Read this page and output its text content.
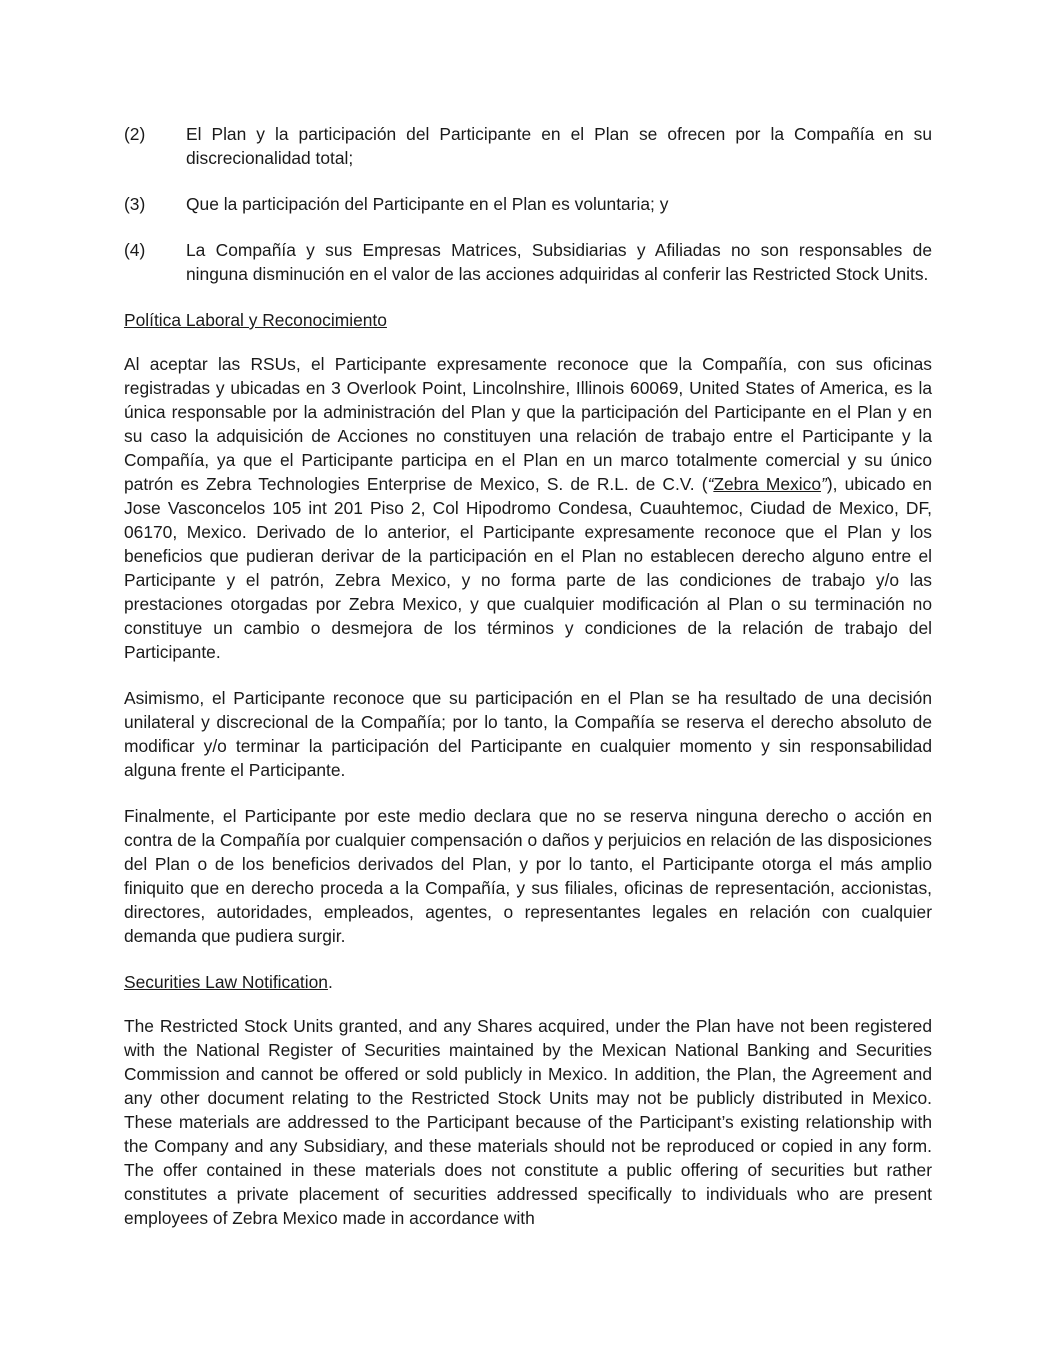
(2)	El Plan y la participación del Participante en el Plan se ofrecen por la Compañía en su discrecionalidad total;
(3)	Que la participación del Participante en el Plan es voluntaria; y
(4)	La Compañía y sus Empresas Matrices, Subsidiarias y Afiliadas no son responsables de ninguna disminución en el valor de las acciones adquiridas al conferir las Restricted Stock Units.
Política Laboral y Reconocimiento

Al aceptar las RSUs, el Participante expresamente reconoce que la Compañía, con sus oficinas registradas y ubicadas en 3 Overlook Point, Lincolnshire, Illinois 60069, United States of America, es la única responsable por la administración del Plan y que la participación del Participante en el Plan y en su caso la adquisición de Acciones no constituyen una relación de trabajo entre el Participante y la Compañía, ya que el Participante participa en el Plan en un marco totalmente comercial y su único patrón es Zebra Technologies Enterprise de Mexico, S. de R.L. de C.V. (“Zebra Mexico”), ubicado en Jose Vasconcelos 105 int 201 Piso 2, Col Hipodromo Condesa, Cuauhtemoc, Ciudad de Mexico, DF, 06170, Mexico. Derivado de lo anterior, el Participante expresamente reconoce que el Plan y los beneficios que pudieran derivar de la participación en el Plan no establecen derecho alguno entre el Participante y el patrón, Zebra Mexico, y no forma parte de las condiciones de trabajo y/o las prestaciones otorgadas por Zebra Mexico, y que cualquier modificación al Plan o su terminación no constituye un cambio o desmejora de los términos y condiciones de la relación de trabajo del Participante.

Asimismo, el Participante reconoce que su participación en el Plan se ha resultado de una decisión unilateral y discrecional de la Compañía; por lo tanto, la Compañía se reserva el derecho absoluto de modificar y/o terminar la participación del Participante en cualquier momento y sin responsabilidad alguna frente el Participante.

Finalmente, el Participante por este medio declara que no se reserva ninguna derecho o acción en contra de la Compañía por cualquier compensación o daños y perjuicios en relación de las disposiciones del Plan o de los beneficios derivados del Plan, y por lo tanto, el Participante otorga el más amplio finiquito que en derecho proceda a la Compañía, y sus filiales, oficinas de representación, accionistas, directores, autoridades, empleados, agentes, o representantes legales en relación con cualquier demanda que pudiera surgir.

Securities Law Notification.

The Restricted Stock Units granted, and any Shares acquired, under the Plan have not been registered with the National Register of Securities maintained by the Mexican National Banking and Securities Commission and cannot be offered or sold publicly in Mexico. In addition, the Plan, the Agreement and any other document relating to the Restricted Stock Units may not be publicly distributed in Mexico. These materials are addressed to the Participant because of the Participant’s existing relationship with the Company and any Subsidiary, and these materials should not be reproduced or copied in any form. The offer contained in these materials does not constitute a public offering of securities but rather constitutes a private placement of securities addressed specifically to individuals who are present employees of Zebra Mexico made in accordance with
